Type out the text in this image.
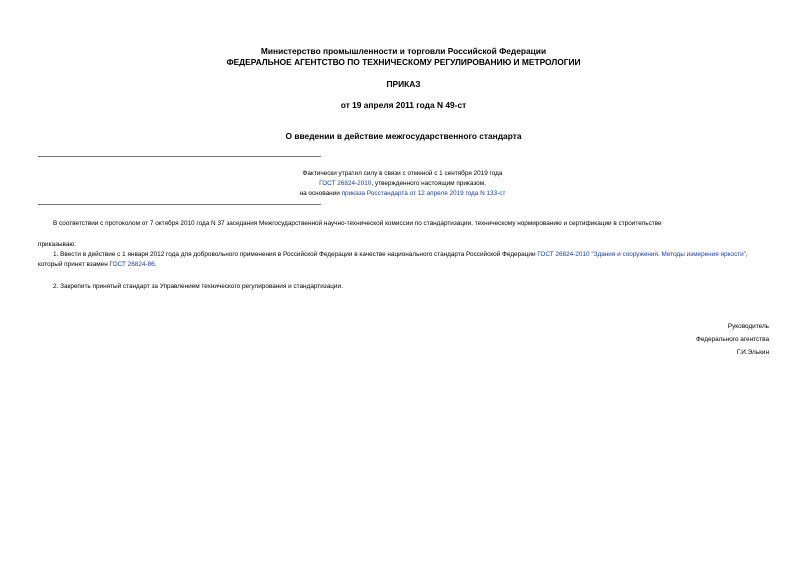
Министерство промышленности и торговли Российской Федерации
ФЕДЕРАЛЬНОЕ АГЕНТСТВО ПО ТЕХНИЧЕСКОМУ РЕГУЛИРОВАНИЮ И МЕТРОЛОГИИ
ПРИКАЗ
от 19 апреля 2011 года N 49-ст
О введении в действие межгосударственного стандарта
Фактически утратил силу в связи с отменой с 1 сентября 2019 года
ГОСТ 26824-2010, утвержденного настоящим приказом,
на основании приказа Росстандарта от 12 апреля 2019 года N 133-ст
В соответствии с протоколом от 7 октября 2010 года N 37 заседания Межгосударственной научно-технической комиссии по стандартизации, техническому нормированию и сертификации в строительстве
приказываю:
1. Ввести в действие с 1 января 2012 года для добровольного применения в Российской Федерации в качестве национального стандарта Российской Федерации ГОСТ 26824-2010 "Здания и сооружения. Методы измерения яркости", который принят взамен ГОСТ 26824-86.
2. Закрепить принятый стандарт за Управлением технического регулирования и стандартизации.
Руководитель
Федерального агентства
Г.И.Элькин
